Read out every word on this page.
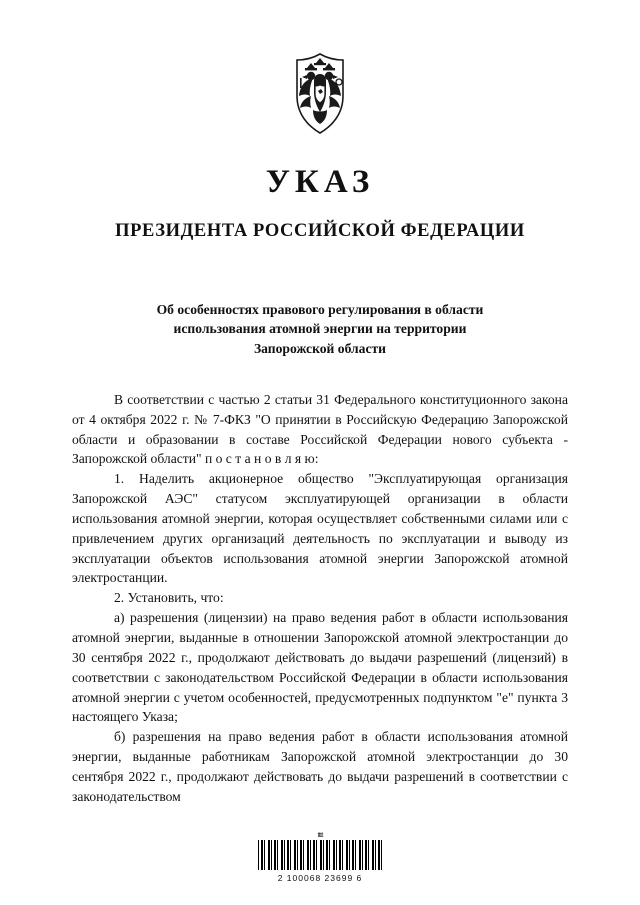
УКАЗ
ПРЕЗИДЕНТА РОССИЙСКОЙ ФЕДЕРАЦИИ
Об особенностях правового регулирования в области
использования атомной энергии на территории
Запорожской области

В соответствии с частью 2 статьи 31 Федерального конституционного закона от 4 октября 2022 г. № 7-ФКЗ "О принятии в Российскую Федерацию Запорожской области и образовании в составе Российской Федерации нового субъекта - Запорожской области" п о с т а н о в л я ю:

1. Наделить акционерное общество "Эксплуатирующая организация Запорожской АЭС" статусом эксплуатирующей организации в области использования атомной энергии, которая осуществляет собственными силами или с привлечением других организаций деятельность по эксплуатации и выводу из эксплуатации объектов использования атомной энергии Запорожской атомной электростанции.

2. Установить, что:

а) разрешения (лицензии) на право ведения работ в области использования атомной энергии, выданные в отношении Запорожской атомной электростанции до 30 сентября 2022 г., продолжают действовать до выдачи разрешений (лицензий) в соответствии с законодательством Российской Федерации в области использования атомной энергии с учетом особенностей, предусмотренных подпунктом "е" пункта 3 настоящего Указа;

б) разрешения на право ведения работ в области использования атомной энергии, выданные работникам Запорожской атомной электростанции до 30 сентября 2022 г., продолжают действовать до выдачи разрешений в соответствии с законодательством

tttt
2 100068 23699 6
